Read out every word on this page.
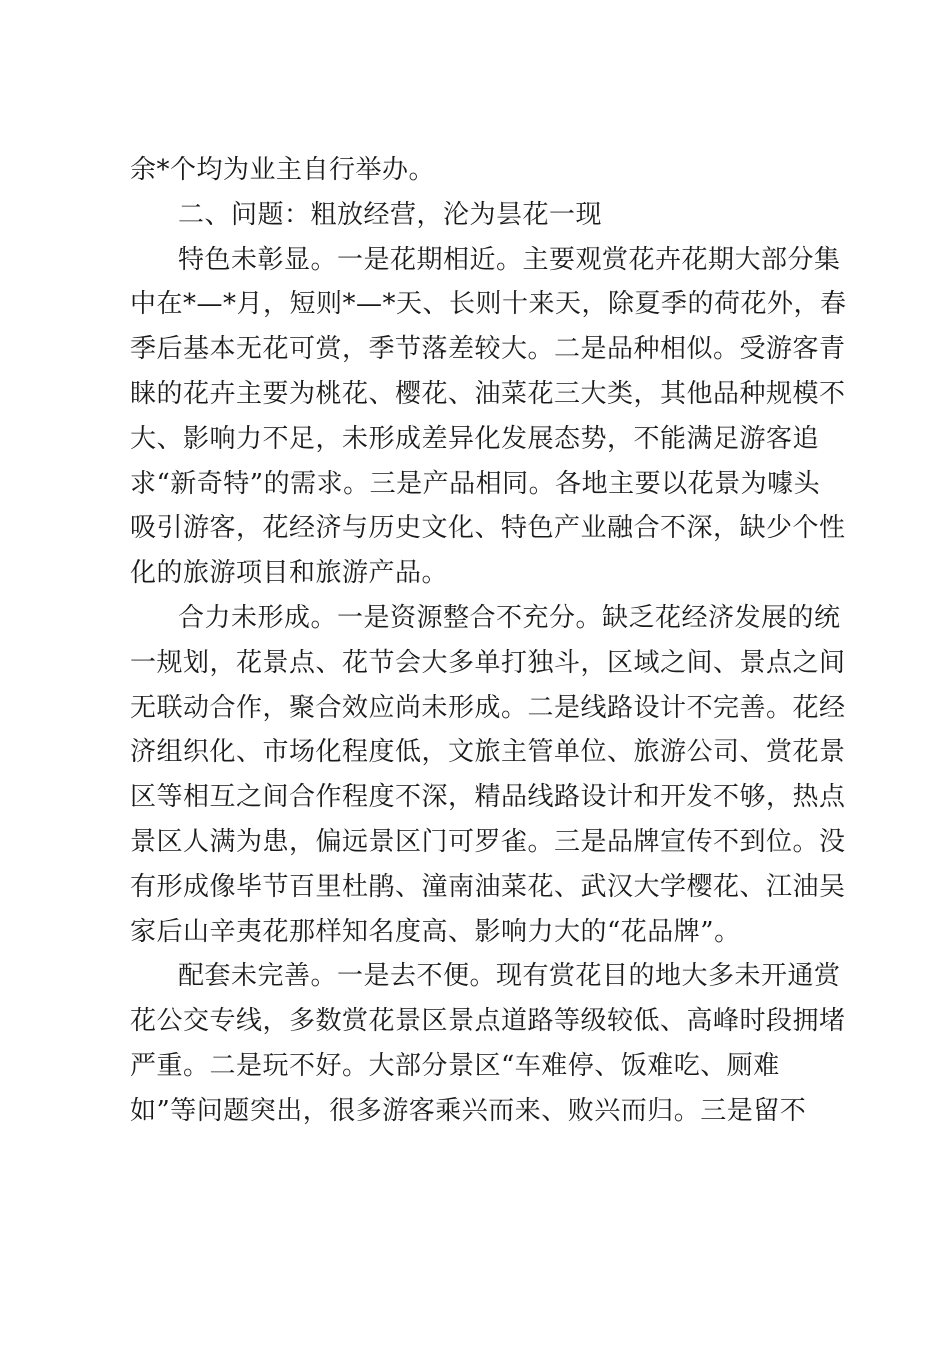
余*个均为业主自行举办。
二、问题：粗放经营，沦为昙花一现
特色未彰显。一是花期相近。主要观赏花卉花期大部分集
中在*—*月，短则*—*天、长则十来天，除夏季的荷花外，春
季后基本无花可赏，季节落差较大。二是品种相似。受游客青
睐的花卉主要为桃花、樱花、油菜花三大类，其他品种规模不
大、影响力不足，未形成差异化发展态势，不能满足游客追
求“新奇特”的需求。三是产品相同。各地主要以花景为噱头
吸引游客，花经济与历史文化、特色产业融合不深，缺少个性
化的旅游项目和旅游产品。
合力未形成。一是资源整合不充分。缺乏花经济发展的统
一规划，花景点、花节会大多单打独斗，区域之间、景点之间
无联动合作，聚合效应尚未形成。二是线路设计不完善。花经
济组织化、市场化程度低，文旅主管单位、旅游公司、赏花景
区等相互之间合作程度不深，精品线路设计和开发不够，热点
景区人满为患，偏远景区门可罗雀。三是品牌宣传不到位。没
有形成像毕节百里杜鹃、潼南油菜花、武汉大学樱花、江油吴
家后山辛夷花那样知名度高、影响力大的“花品牌”。
配套未完善。一是去不便。现有赏花目的地大多未开通赏
花公交专线，多数赏花景区景点道路等级较低、高峰时段拥堵
严重。二是玩不好。大部分景区“车难停、饭难吃、厕难
如”等问题突出，很多游客乘兴而来、败兴而归。三是留不
